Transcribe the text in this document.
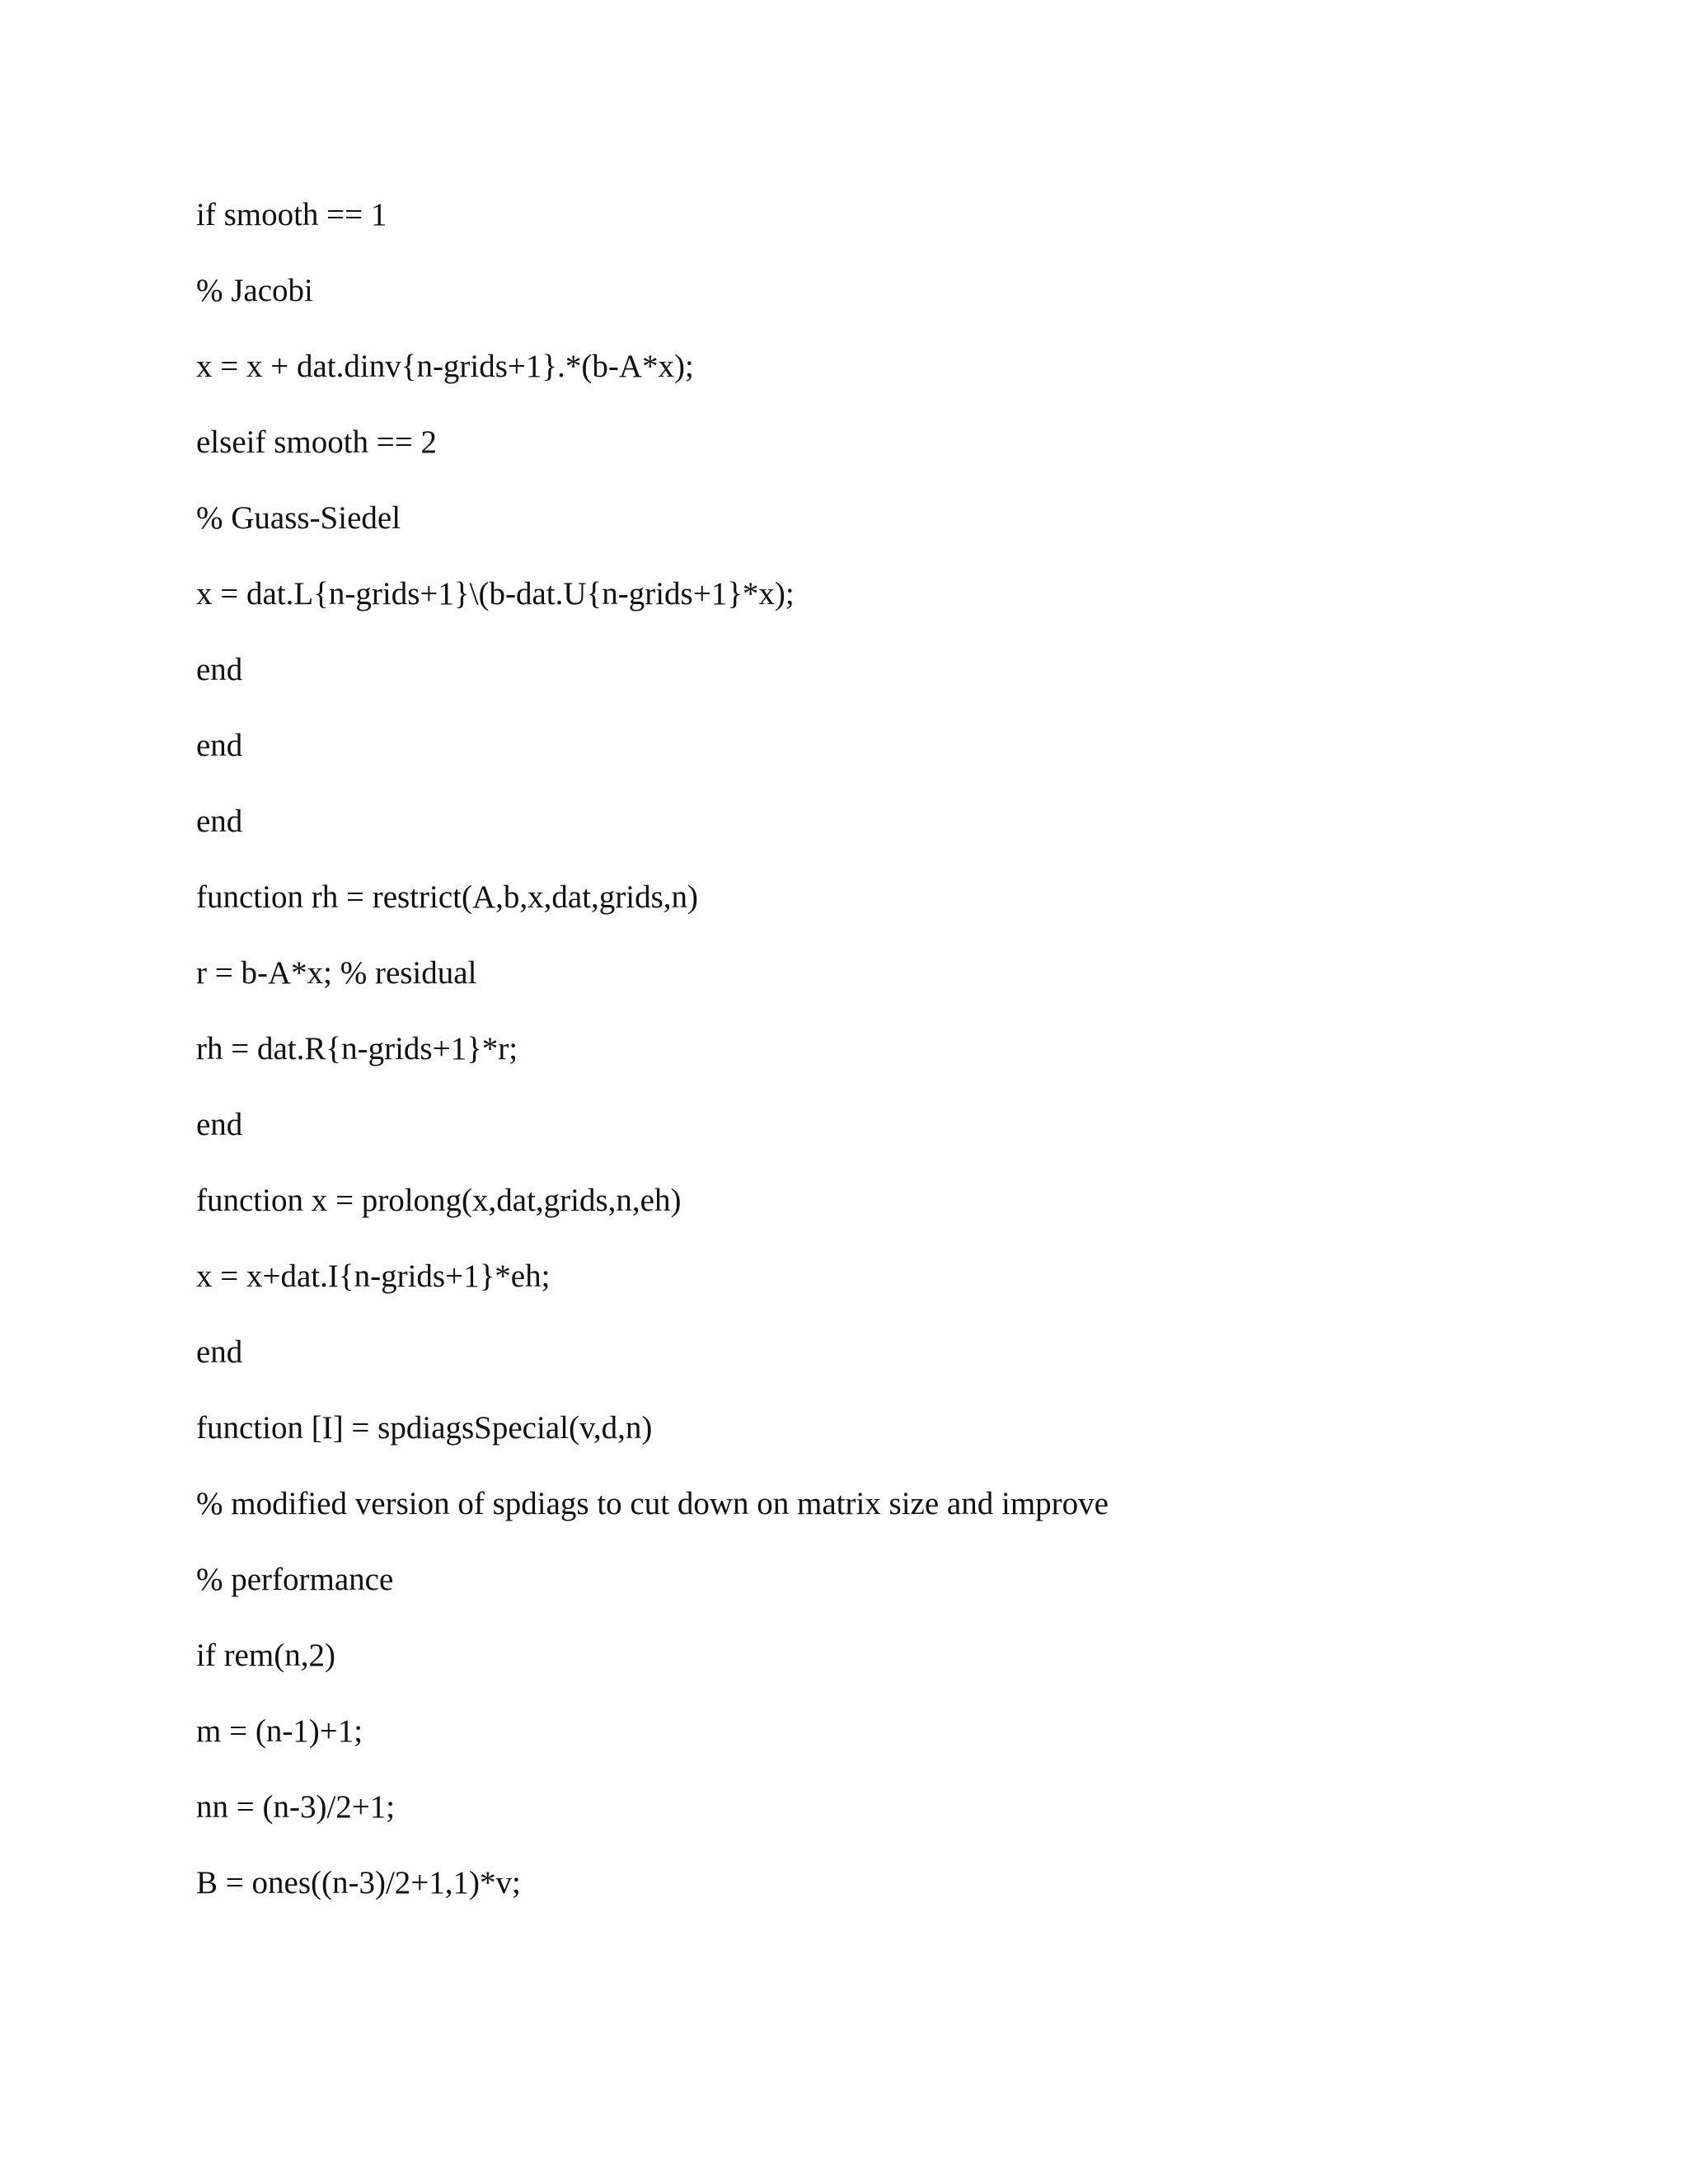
if smooth == 1
% Jacobi
x = x + dat.dinv{n-grids+1}.*(b-A*x);
elseif smooth == 2
% Guass-Siedel
x = dat.L{n-grids+1}\(b-dat.U{n-grids+1}*x);
end
end
end
function rh = restrict(A,b,x,dat,grids,n)
r = b-A*x; % residual
rh = dat.R{n-grids+1}*r;
end
function x = prolong(x,dat,grids,n,eh)
x = x+dat.I{n-grids+1}*eh;
end
function [I] = spdiagsSpecial(v,d,n)
% modified version of spdiags to cut down on matrix size and improve
% performance
if rem(n,2)
m = (n-1)+1;
nn = (n-3)/2+1;
B = ones((n-3)/2+1,1)*v;
